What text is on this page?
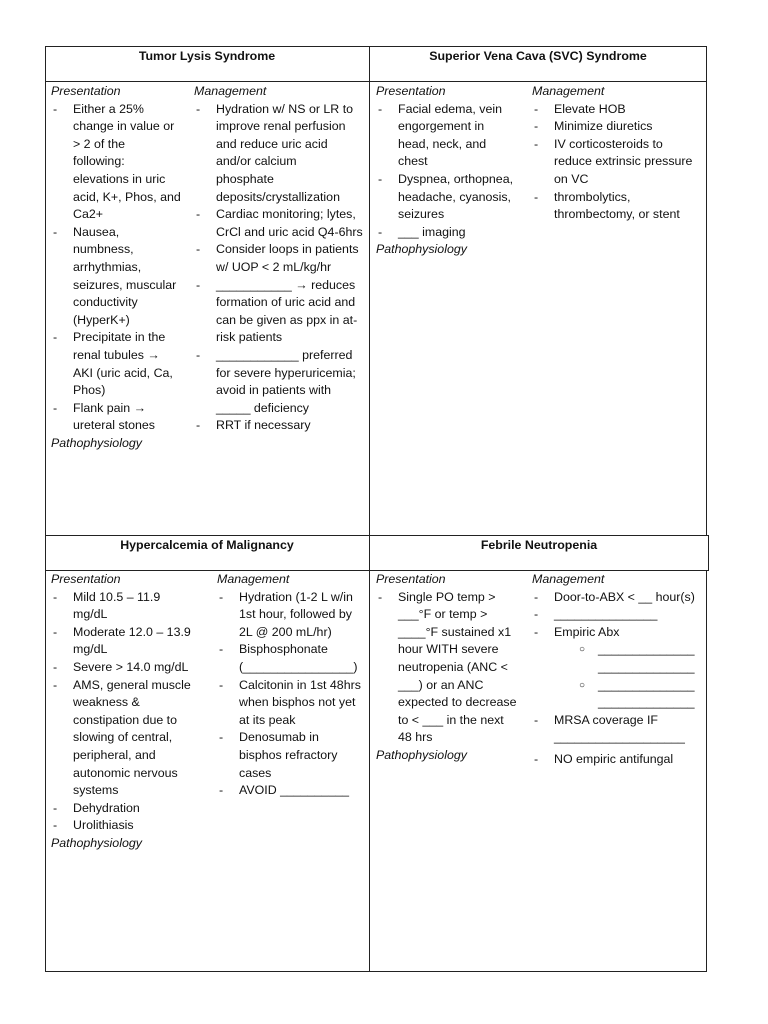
Tumor Lysis Syndrome	Superior Vena Cava (SVC) Syndrome
Hypercalcemia of Malignancy	Febrile Neutropenia
Presentation
- Either a 25%
change in value or
> 2 of the
following:
elevations in uric
acid, K+, Phos, and
Ca2+
- Nausea,
numbness,
arrhythmias,
seizures, muscular
conductivity
(HyperK+)
- Precipitate in the
renal tubules →
AKI (uric acid, Ca,
Phos)
- Flank pain →
ureteral stones
Pathophysiology
Management
- Hydration w/ NS or LR to
improve renal perfusion
and reduce uric acid
and/or calcium
phosphate
deposits/crystallization
- Cardiac monitoring; lytes,
CrCl and uric acid Q4-6hrs
- Consider loops in patients
w/ UOP < 2 mL/kg/hr
- ___________ → reduces
formation of uric acid and
can be given as ppx in at-
risk patients
- ____________ preferred
for severe hyperuricemia;
avoid in patients with
_____ deficiency
- RRT if necessary
Presentation
- Facial edema, vein
engorgement in
head, neck, and
chest
- Dyspnea, orthopnea,
headache, cyanosis,
seizures
- ___ imaging
Pathophysiology
Management
- Elevate HOB
- Minimize diuretics
- IV corticosteroids to
reduce extrinsic pressure
on VC
- thrombolytics,
thrombectomy, or stent
Presentation
- Mild 10.5 – 11.9
mg/dL
- Moderate 12.0 – 13.9
mg/dL
- Severe > 14.0 mg/dL
- AMS, general muscle
weakness &
constipation due to
slowing of central,
peripheral, and
autonomic nervous
systems
- Dehydration
- Urolithiasis
Pathophysiology
Management
- Hydration (1-2 L w/in
1st hour, followed by
2L @ 200 mL/hr)
- Bisphosphonate
(________________)
- Calcitonin in 1st 48hrs
when bisphos not yet
at its peak
- Denosumab in
bisphos refractory
cases
- AVOID __________
Presentation
- Single PO temp >
___°F or temp >
____°F sustained x1
hour WITH severe
neutropenia (ANC <
___) or an ANC
expected to decrease
to < ___ in the next
48 hrs
Pathophysiology
Management
- Door-to-ABX < __ hour(s)
- _______________
- Empiric Abx
○ ______________
______________
○ ______________
______________
- MRSA coverage IF
___________________
- NO empiric antifungal
